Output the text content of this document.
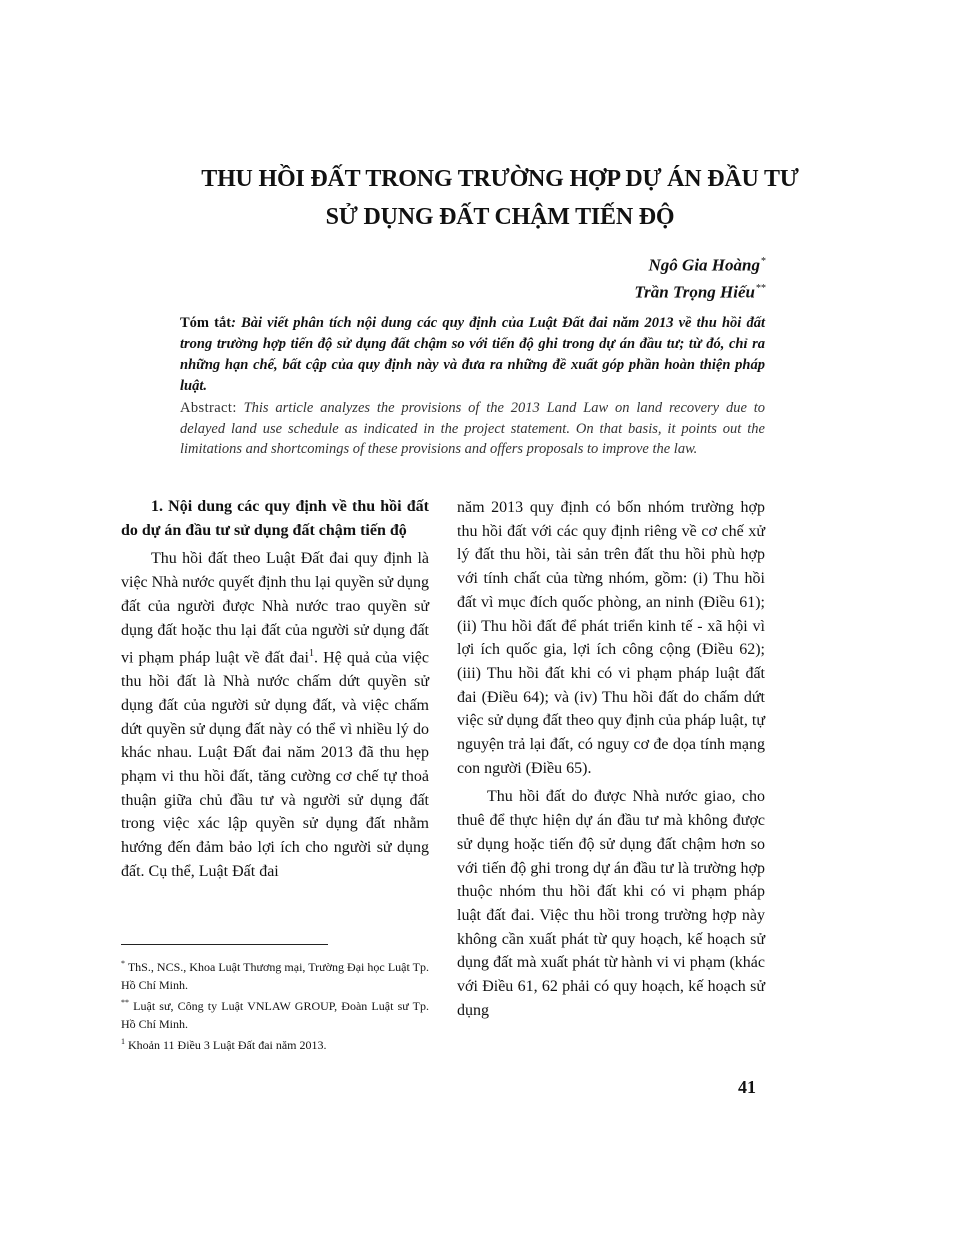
THU HỒI ĐẤT TRONG TRƯỜNG HỢP DỰ ÁN ĐẦU TƯ
SỬ DỤNG ĐẤT CHẬM TIẾN ĐỘ
Ngô Gia Hoàng*
Trần Trọng Hiếu**
Tóm tắt: Bài viết phân tích nội dung các quy định của Luật Đất đai năm 2013 về thu hồi đất trong trường hợp tiến độ sử dụng đất chậm so với tiến độ ghi trong dự án đầu tư; từ đó, chỉ ra những hạn chế, bất cập của quy định này và đưa ra những đề xuất góp phần hoàn thiện pháp luật.
Abstract: This article analyzes the provisions of the 2013 Land Law on land recovery due to delayed land use schedule as indicated in the project statement. On that basis, it points out the limitations and shortcomings of these provisions and offers proposals to improve the law.

1. Nội dung các quy định về thu hồi đất do dự án đầu tư sử dụng đất chậm tiến độ

Thu hồi đất theo Luật Đất đai quy định là việc Nhà nước quyết định thu lại quyền sử dụng đất của người được Nhà nước trao quyền sử dụng đất hoặc thu lại đất của người sử dụng đất vi phạm pháp luật về đất đai$^1$. Hệ quả của việc thu hồi đất là Nhà nước chấm dứt quyền sử dụng đất của người sử dụng đất, và việc chấm dứt quyền sử dụng đất này có thể vì nhiều lý do khác nhau. Luật Đất đai năm 2013 đã thu hẹp phạm vi thu hồi đất, tăng cường cơ chế tự thoả thuận giữa chủ đầu tư và người sử dụng đất trong việc xác lập quyền sử dụng đất nhằm hướng đến đảm bảo lợi ích cho người sử dụng đất. Cụ thể, Luật Đất đai

năm 2013 quy định có bốn nhóm trường hợp thu hồi đất với các quy định riêng về cơ chế xử lý đất thu hồi, tài sản trên đất thu hồi phù hợp với tính chất của từng nhóm, gồm: (i) Thu hồi đất vì mục đích quốc phòng, an ninh (Điều 61); (ii) Thu hồi đất để phát triển kinh tế - xã hội vì lợi ích quốc gia, lợi ích công cộng (Điều 62); (iii) Thu hồi đất khi có vi phạm pháp luật đất đai (Điều 64); và (iv) Thu hồi đất do chấm dứt việc sử dụng đất theo quy định của pháp luật, tự nguyện trả lại đất, có nguy cơ đe dọa tính mạng con người (Điều 65).

Thu hồi đất do được Nhà nước giao, cho thuê để thực hiện dự án đầu tư mà không được sử dụng hoặc tiến độ sử dụng đất chậm hơn so với tiến độ ghi trong dự án đầu tư là trường hợp thuộc nhóm thu hồi đất khi có vi phạm pháp luật đất đai. Việc thu hồi trong trường hợp này không cần xuất phát từ quy hoạch, kế hoạch sử dụng đất mà xuất phát từ hành vi vi phạm (khác với Điều 61, 62 phải có quy hoạch, kế hoạch sử dụng

* ThS., NCS., Khoa Luật Thương mại, Trường Đại học Luật Tp. Hồ Chí Minh.
** Luật sư, Công ty Luật VNLAW GROUP, Đoàn Luật sư Tp. Hồ Chí Minh.
$^1$ Khoản 11 Điều 3 Luật Đất đai năm 2013.
41
